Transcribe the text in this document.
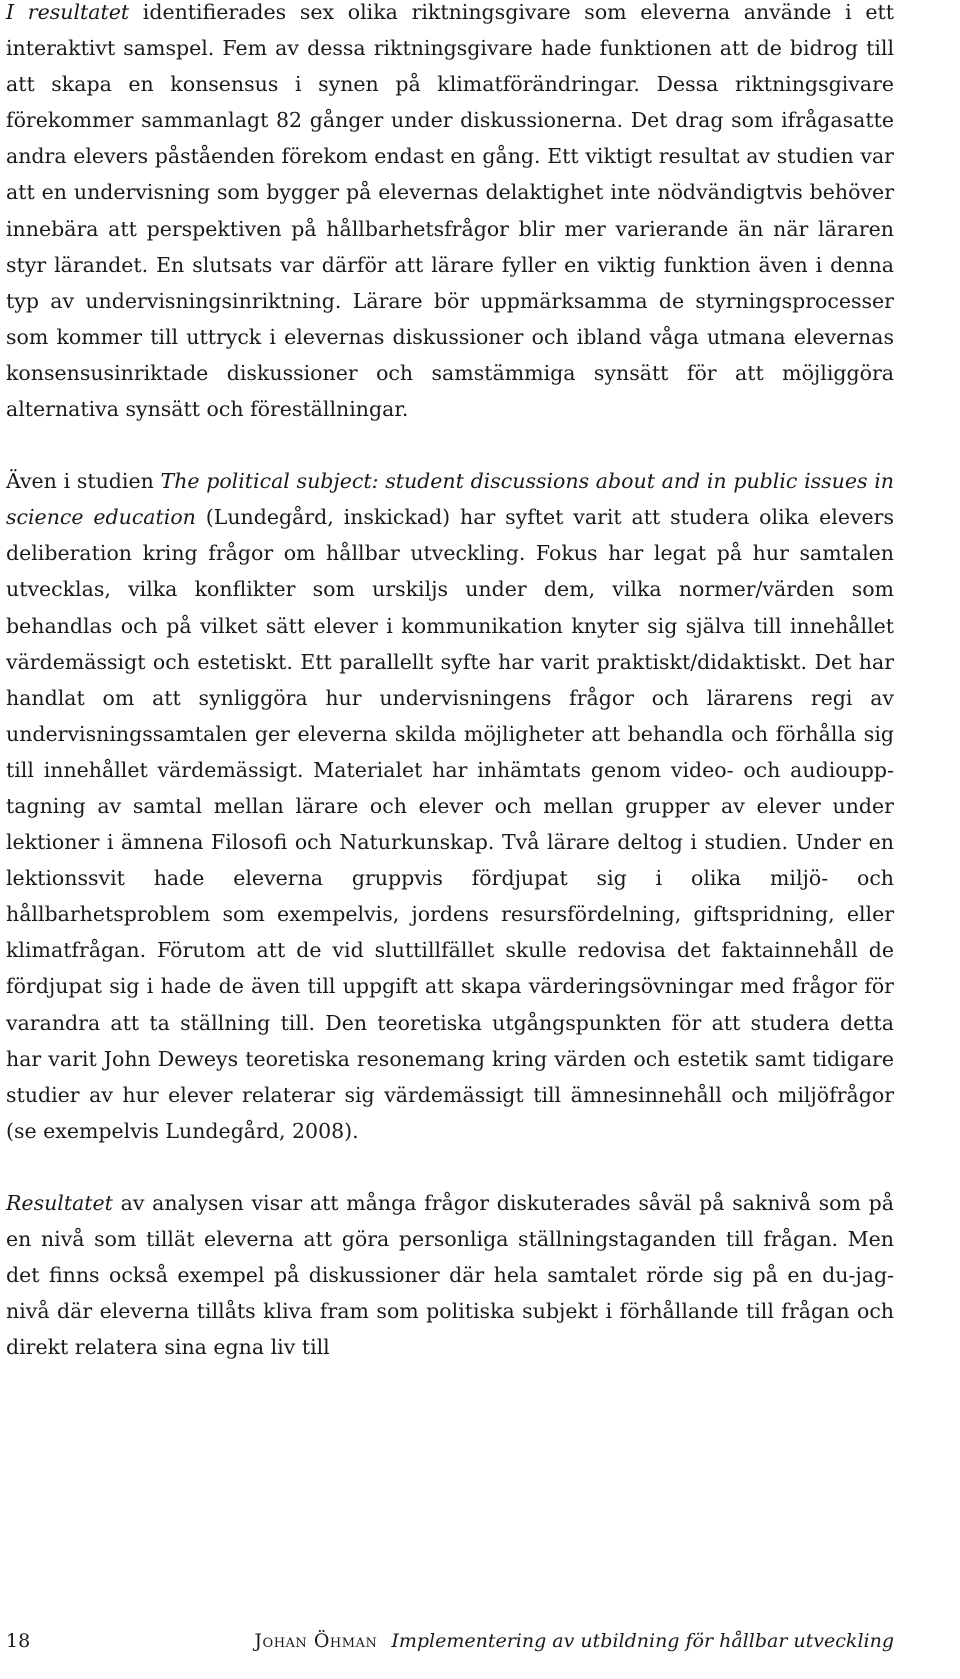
I resultatet identifierades sex olika riktningsgivare som eleverna använde i ett interaktivt samspel. Fem av dessa riktningsgivare hade funktionen att de bidrog till att skapa en konsensus i synen på klimatförändringar. Dessa riktningsgivare förekommer sammanlagt 82 gånger under diskussionerna. Det drag som ifrågasatte andra elevers påståenden förekom endast en gång. Ett viktigt resultat av studien var att en undervisning som bygger på elevernas delaktighet inte nödvändigtvis behöver innebära att perspektiven på hållbarhetsfrågor blir mer varierande än när läraren styr lärandet. En slutsats var därför att lärare fyller en viktig funktion även i denna typ av undervisningsinriktning. Lärare bör uppmärksamma de styrningsprocesser som kommer till uttryck i elevernas diskussioner och ibland våga utmana elevernas konsensusinriktade diskussioner och samstämmiga synsätt för att möjliggöra alternativa synsätt och föreställningar.

Även i studien The political subject: student discussions about and in public issues in science education (Lundegård, inskickad) har syftet varit att studera olika elevers deliberation kring frågor om hållbar utveckling. Fokus har legat på hur samtalen utvecklas, vilka konflikter som urskiljs under dem, vilka normer/värden som behandlas och på vilket sätt elever i kommunikation knyter sig själva till innehållet värdemässigt och estetiskt. Ett parallellt syfte har varit praktiskt/didaktiskt. Det har handlat om att synliggöra hur undervisningens frågor och lärarens regi av undervisningssamtalen ger eleverna skilda möjligheter att behandla och förhålla sig till innehållet värdemässigt. Materialet har inhämtats genom video- och audioupptagning av samtal mellan lärare och elever och mellan grupper av elever under lektioner i ämnena Filosofi och Naturkunskap. Två lärare deltog i studien. Under en lektionssvit hade eleverna gruppvis fördjupat sig i olika miljö- och hållbarhetsproblem som exempelvis, jordens resursfördelning, giftspridning, eller klimatfrågan. Förutom att de vid sluttillfället skulle redovisa det faktainnehåll de fördjupat sig i hade de även till uppgift att skapa värderingsövningar med frågor för varandra att ta ställning till. Den teoretiska utgångspunkten för att studera detta har varit John Deweys teoretiska resonemang kring värden och estetik samt tidigare studier av hur elever relaterar sig värdemässigt till ämnesinnehåll och miljöfrågor (se exempelvis Lundegård, 2008).

Resultatet av analysen visar att många frågor diskuterades såväl på saknivå som på en nivå som tillät eleverna att göra personliga ställningstaganden till frågan. Men det finns också exempel på diskussioner där hela samtalet rörde sig på en du-jag-nivå där eleverna tillåts kliva fram som politiska subjekt i förhållande till frågan och direkt relatera sina egna liv till

18	Johan Öhman Implementering av utbildning för hållbar utveckling
